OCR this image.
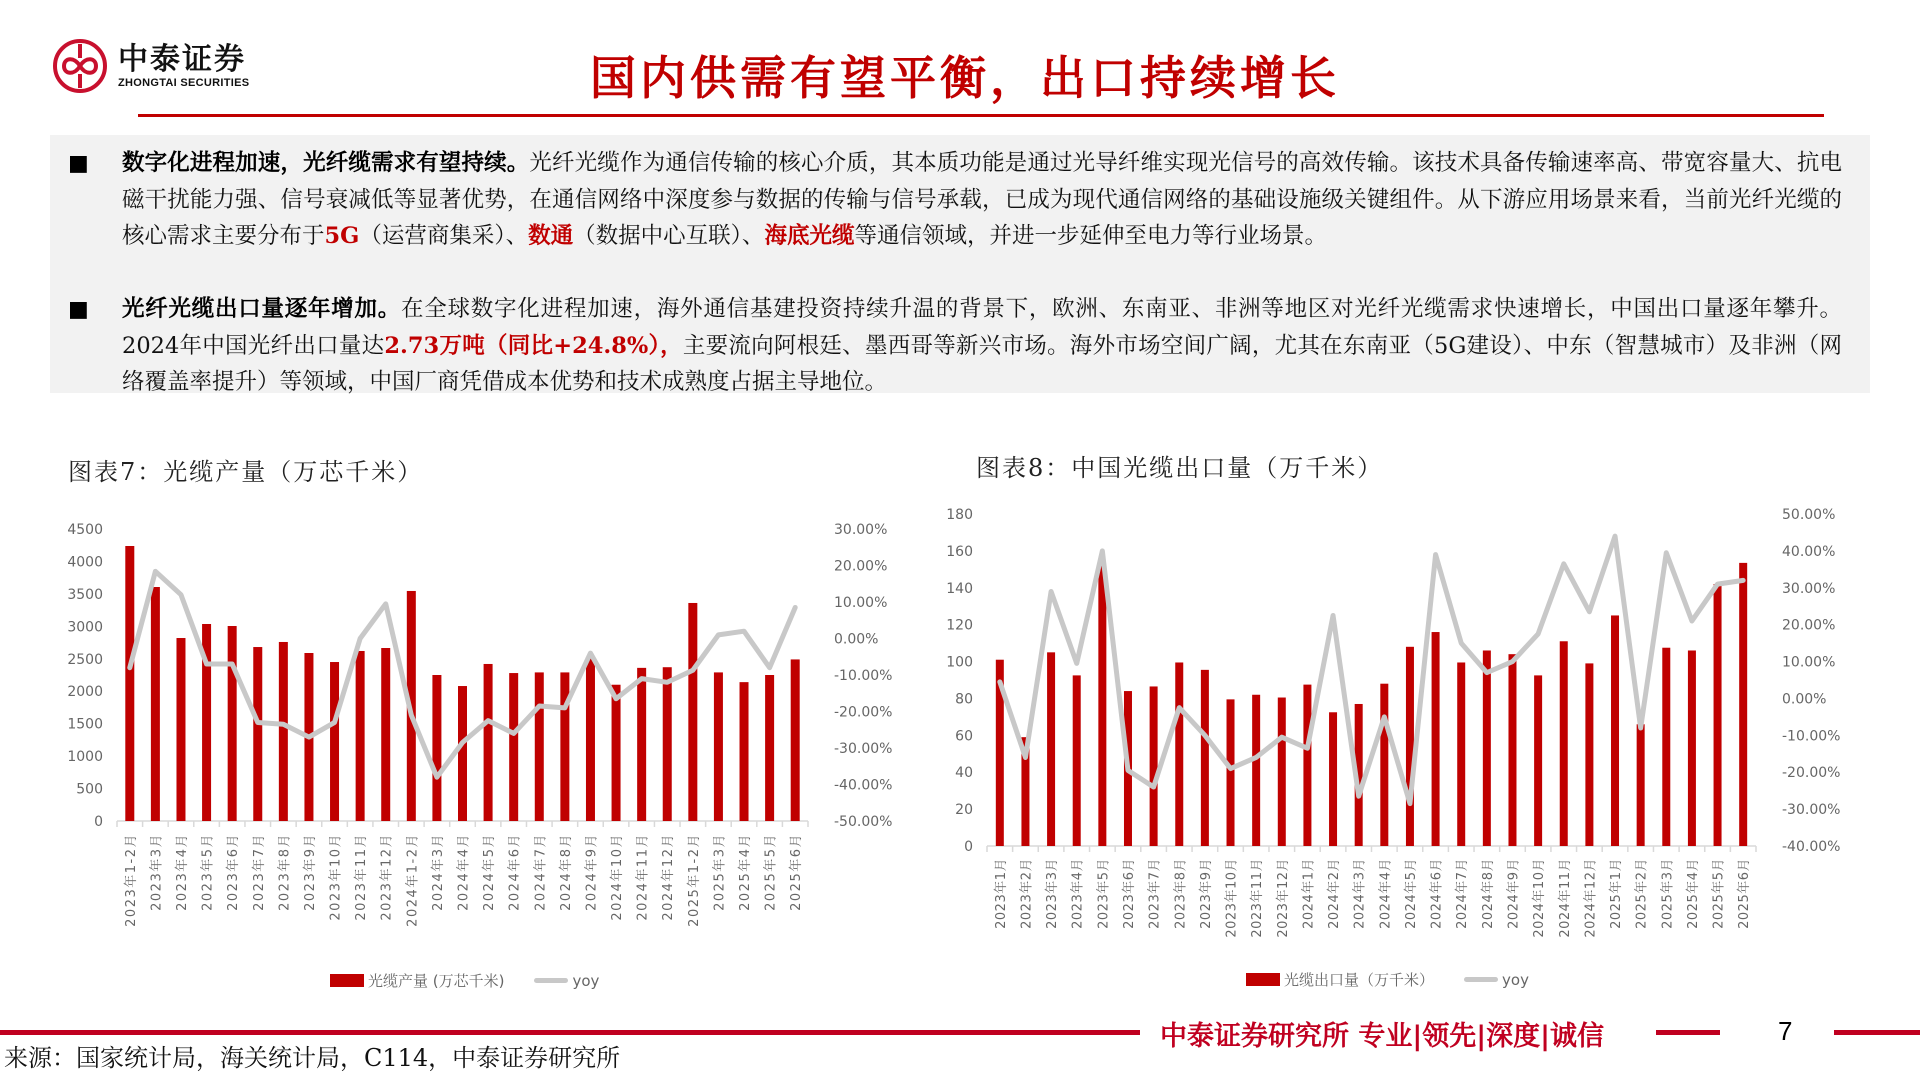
中泰证券
ZHONGTAI SECURITIES	国内供需有望平衡，出口持续增长
■ 数字化进程加速，光纤缆需求有望持续。光纤光缆作为通信传输的核心介质，其本质功能是通过光导纤维实现光信号的高效传输。该技术具备传输速率高、带宽容量大、抗电磁干扰能力强、信号衰减低等显著优势，在通信网络中深度参与数据的传输与信号承载，已成为现代通信网络的基础设施级关键组件。从下游应用场景来看，当前光纤光缆的核心需求主要分布于5G（运营商集采）、数通（数据中心互联）、海底光缆等通信领域，并进一步延伸至电力等行业场景。
■ 光纤光缆出口量逐年增加。在全球数字化进程加速，海外通信基建投资持续升温的背景下，欧洲、东南亚、非洲等地区对光纤光缆需求快速增长，中国出口量逐年攀升。2024年中国光纤出口量达2.73万吨（同比+24.8%），主要流向阿根廷、墨西哥等新兴市场。海外市场空间广阔，尤其在东南亚（5G建设）、中东（智慧城市）及非洲（网络覆盖率提升）等领域，中国厂商凭借成本优势和技术成熟度占据主导地位。
图表7：光缆产量（万芯千米）	图表8：中国光缆出口量（万千米）
0
500
1000
1500
2000
2500
3000
3500
4000
4500
-50.00%
-40.00%
-30.00%
-20.00%
-10.00%
0.00%
10.00%
20.00%
30.00%
2023年1-2月 2023年3月 2023年4月 2023年5月 2023年6月 2023年7月 2023年8月 2023年9月 2023年10月 2023年11月 2023年12月 2024年1-2月 2024年3月 2024年4月 2024年5月 2024年6月 2024年7月 2024年8月 2024年9月 2024年10月 2024年11月 2024年12月 2025年1-2月 2025年3月 2025年4月 2025年5月 2025年6月	0
20
40
60
80
100
120
140
160
180
-40.00%
-30.00%
-20.00%
-10.00%
0.00%
10.00%
20.00%
30.00%
40.00%
50.00%
2023年1月 2023年2月 2023年3月 2023年4月 2023年5月 2023年6月 2023年7月 2023年8月 2023年9月 2023年10月 2023年11月 2023年12月 2024年1月 2024年2月 2024年3月 2024年4月 2024年5月 2024年6月 2024年7月 2024年8月 2024年9月 2024年10月 2024年11月 2024年12月 2025年1月 2025年2月 2025年3月 2025年4月 2025年5月 2025年6月
光缆产量 (万芯千米)	yoy	光缆出口量（万千米）	yoy
中泰证券研究所 专业|领先|深度|诚信	7
来源：国家统计局，海关统计局，C114，中泰证券研究所
